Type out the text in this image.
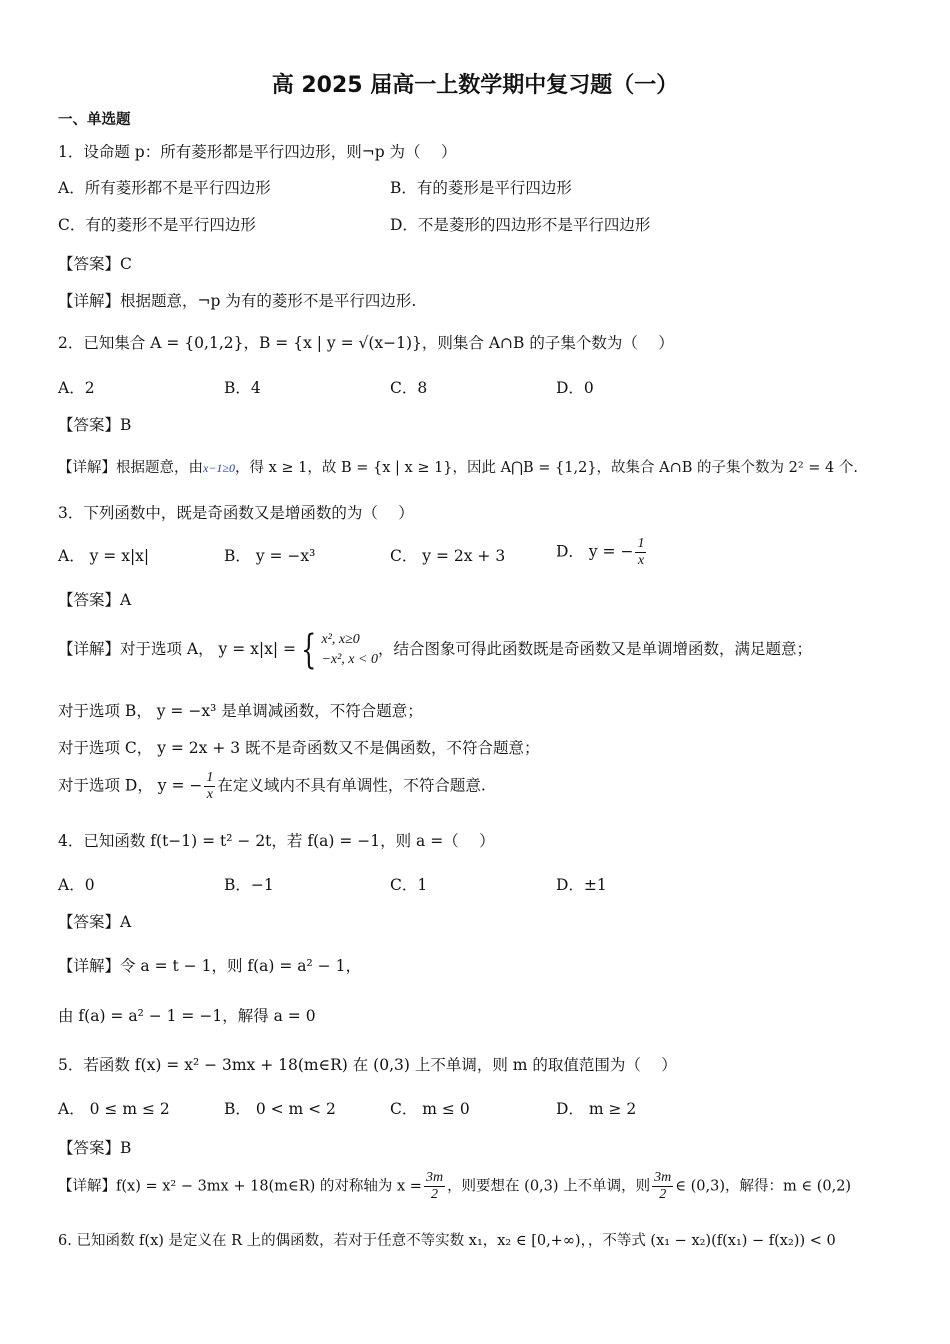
高 2025 届高一上数学期中复习题（一）
一、单选题
1．设命题 p：所有菱形都是平行四边形，则¬p 为（　 ）
A．所有菱形都不是平行四边形	B．有的菱形是平行四边形
C．有的菱形不是平行四边形	D．不是菱形的四边形不是平行四边形
【答案】C
【详解】根据题意，¬p 为有的菱形不是平行四边形.
2．已知集合 A = {0,1,2}，B = {x | y = √(x−1)}，则集合 A∩B 的子集个数为（　 ）
A．2	B．4	C．8	D．0
【答案】B
【详解】根据题意，由x−1≥0，得 x ≥ 1，故 B = {x | x ≥ 1}，因此 A⋂B = {1,2}，故集合 A∩B 的子集个数为 2² = 4 个.
3．下列函数中，既是奇函数又是增函数的为（　 ）
A． y = x|x|	B． y = −x³	C． y = 2x + 3	D． y = − $\frac{1}{x}$
【答案】A
【详解】对于选项 A， y = x|x| = { x², x≥0
−x², x < 0
，结合图象可得此函数既是奇函数又是单调增函数，满足题意；
对于选项 B， y = −x³ 是单调减函数，不符合题意；
对于选项 C， y = 2x + 3 既不是奇函数又不是偶函数，不符合题意；
对于选项 D， y = − $\frac{1}{x}$ 在定义域内不具有单调性，不符合题意.
4．已知函数 f(t−1) = t² − 2t，若 f(a) = −1，则 a =（　 ）
A．0	B．−1	C．1	D．±1
【答案】A
【详解】令 a = t − 1，则 f(a) = a² − 1，
由 f(a) = a² − 1 = −1，解得 a = 0
5．若函数 f(x) = x² − 3mx + 18(m∈R) 在 (0,3) 上不单调，则 m 的取值范围为（　 ）
A． 0 ≤ m ≤ 2	B． 0 < m < 2	C． m ≤ 0	D． m ≥ 2
【答案】B
【详解】f(x) = x² − 3mx + 18(m∈R) 的对称轴为 $x = \frac{3m}{2}$ ，则要想在 (0,3) 上不单调，则 $\frac{3m}{2}$ ∈ (0,3)，解得：m ∈ (0,2)
6. 已知函数 f(x) 是定义在 R 上的偶函数，若对于任意不等实数 x₁，x₂ ∈ [0,+∞)，，不等式 (x₁ − x₂)(f(x₁) − f(x₂)) < 0
